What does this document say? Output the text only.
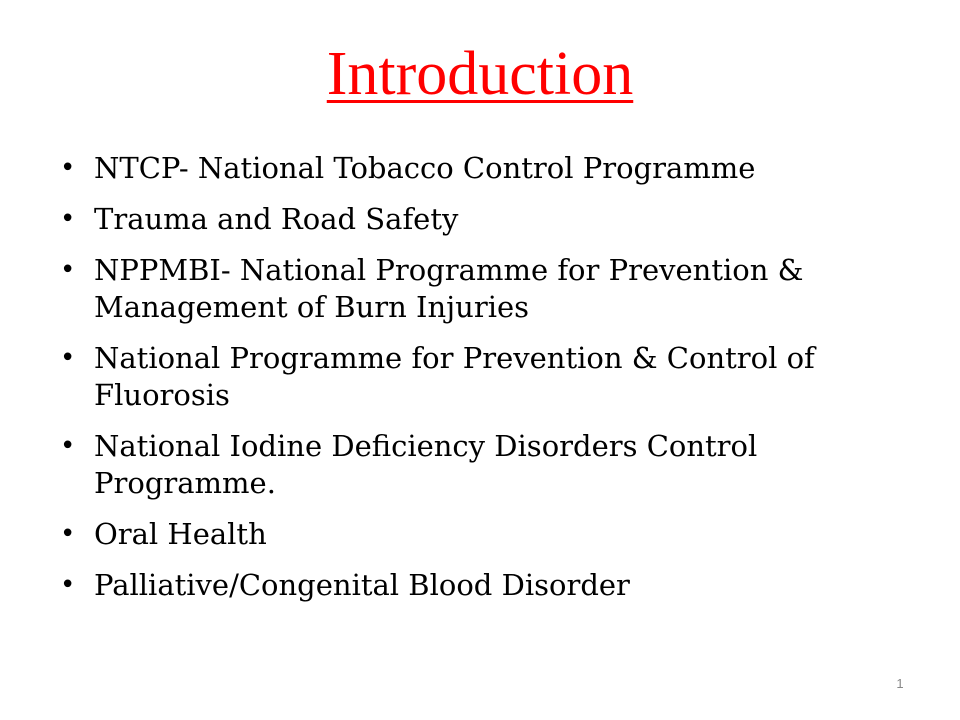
Introduction
• NTCP- National Tobacco Control Programme
• Trauma and Road Safety
• NPPMBI- National Programme for Prevention & Management of Burn Injuries
• National Programme for Prevention & Control of Fluorosis
• National Iodine Deficiency Disorders Control Programme.
• Oral Health
• Palliative/Congenital Blood Disorder
1
